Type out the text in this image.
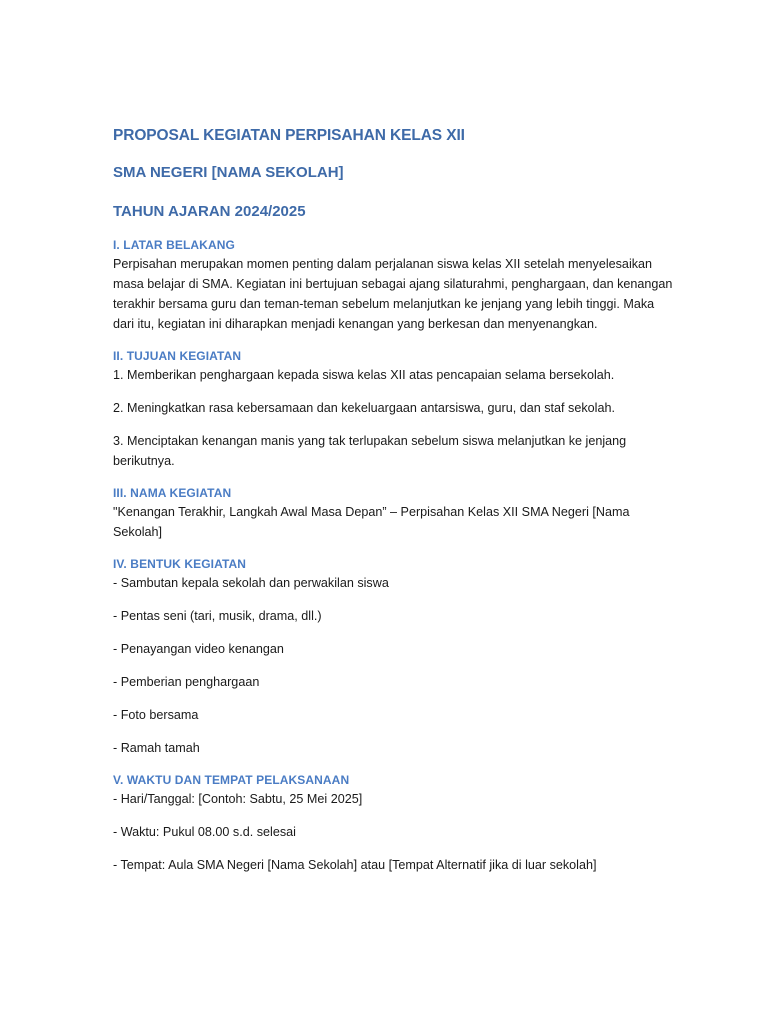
PROPOSAL KEGIATAN PERPISAHAN KELAS XII
SMA NEGERI [NAMA SEKOLAH]
TAHUN AJARAN 2024/2025
I. LATAR BELAKANG

Perpisahan merupakan momen penting dalam perjalanan siswa kelas XII setelah menyelesaikan masa belajar di SMA. Kegiatan ini bertujuan sebagai ajang silaturahmi, penghargaan, dan kenangan terakhir bersama guru dan teman-teman sebelum melanjutkan ke jenjang yang lebih tinggi. Maka dari itu, kegiatan ini diharapkan menjadi kenangan yang berkesan dan menyenangkan.

II. TUJUAN KEGIATAN

1. Memberikan penghargaan kepada siswa kelas XII atas pencapaian selama bersekolah.

2. Meningkatkan rasa kebersamaan dan kekeluargaan antarsiswa, guru, dan staf sekolah.

3. Menciptakan kenangan manis yang tak terlupakan sebelum siswa melanjutkan ke jenjang berikutnya.

III. NAMA KEGIATAN

"Kenangan Terakhir, Langkah Awal Masa Depan” – Perpisahan Kelas XII SMA Negeri [Nama Sekolah]

IV. BENTUK KEGIATAN

- Sambutan kepala sekolah dan perwakilan siswa

- Pentas seni (tari, musik, drama, dll.)

- Penayangan video kenangan

- Pemberian penghargaan

- Foto bersama

- Ramah tamah

V. WAKTU DAN TEMPAT PELAKSANAAN

- Hari/Tanggal: [Contoh: Sabtu, 25 Mei 2025]

- Waktu: Pukul 08.00 s.d. selesai

- Tempat: Aula SMA Negeri [Nama Sekolah] atau [Tempat Alternatif jika di luar sekolah]
